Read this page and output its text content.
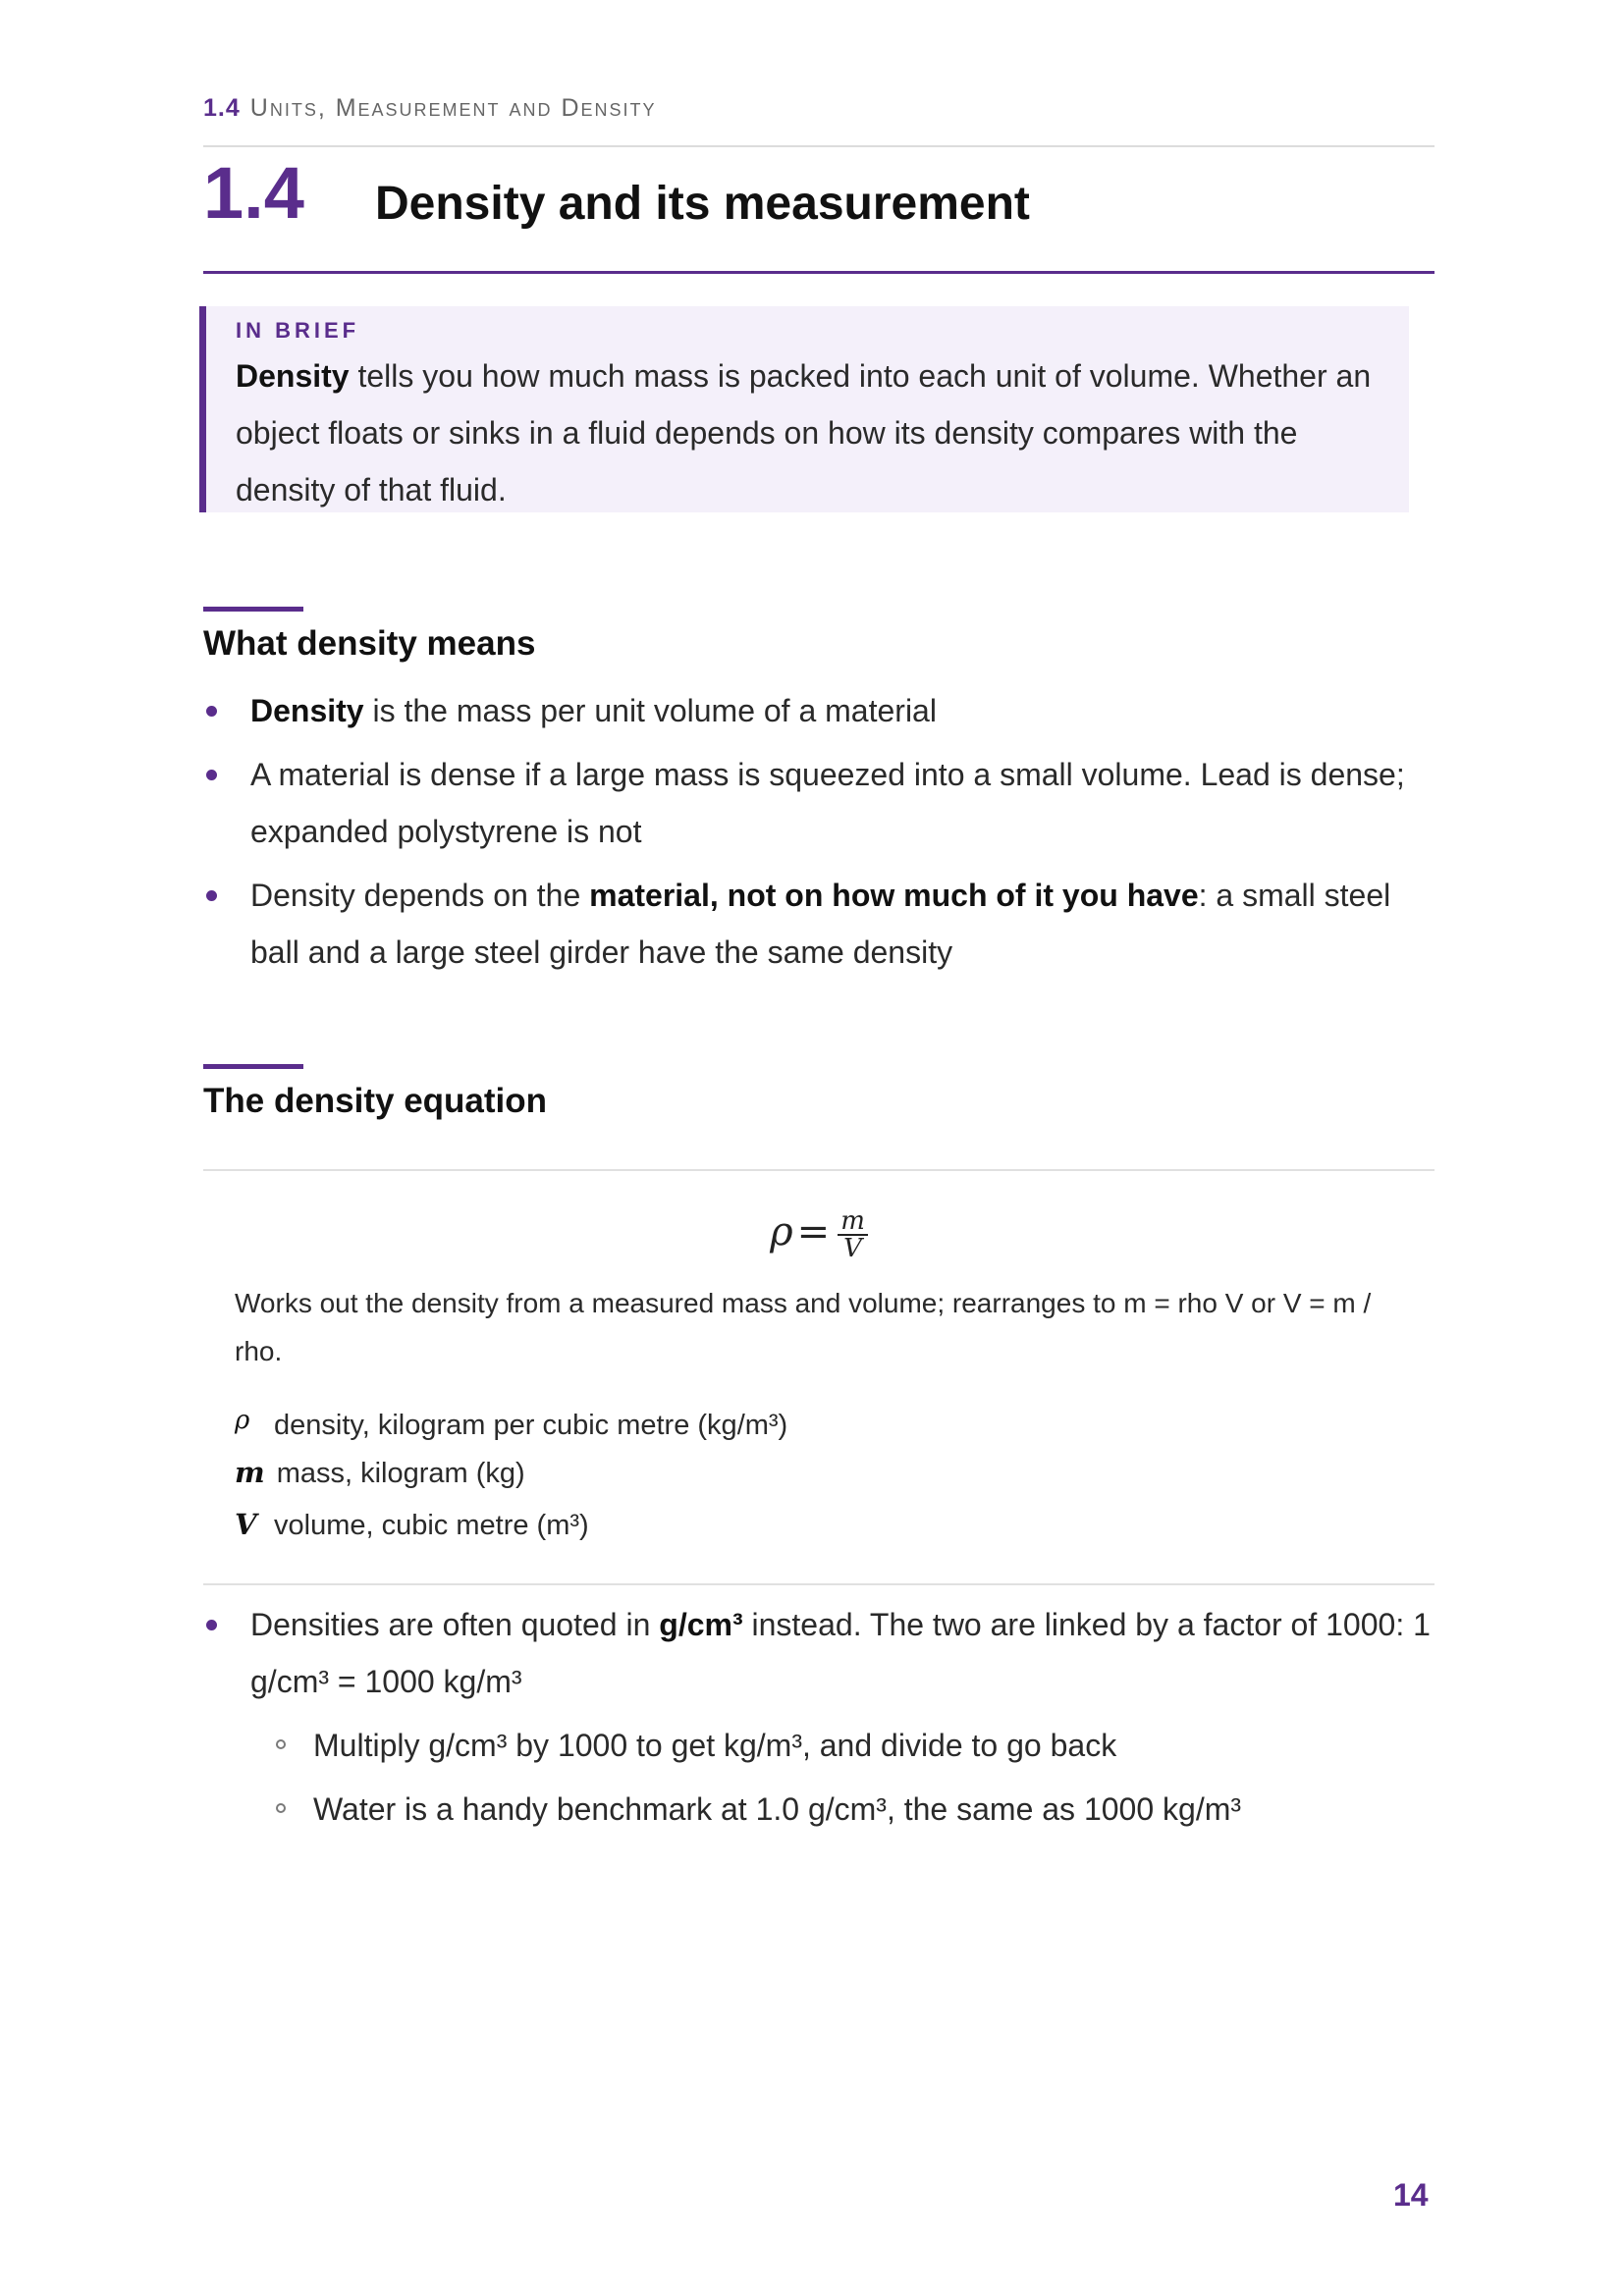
1.4 Units, Measurement and Density
1.4 Density and its measurement
IN BRIEF
Density tells you how much mass is packed into each unit of volume. Whether an object floats or sinks in a fluid depends on how its density compares with the density of that fluid.
What density means
Density is the mass per unit volume of a material
A material is dense if a large mass is squeezed into a small volume. Lead is dense; expanded polystyrene is not
Density depends on the material, not on how much of it you have: a small steel ball and a large steel girder have the same density
The density equation
$\rho = \frac{m}{V}$
Works out the density from a measured mass and volume; rearranges to m = rho V or V = m / rho.
ρ density, kilogram per cubic metre (kg/m³)
m mass, kilogram (kg)
V volume, cubic metre (m³)
Densities are often quoted in g/cm³ instead. The two are linked by a factor of 1000: 1 g/cm³ = 1000 kg/m³
Multiply g/cm³ by 1000 to get kg/m³, and divide to go back
Water is a handy benchmark at 1.0 g/cm³, the same as 1000 kg/m³
14
